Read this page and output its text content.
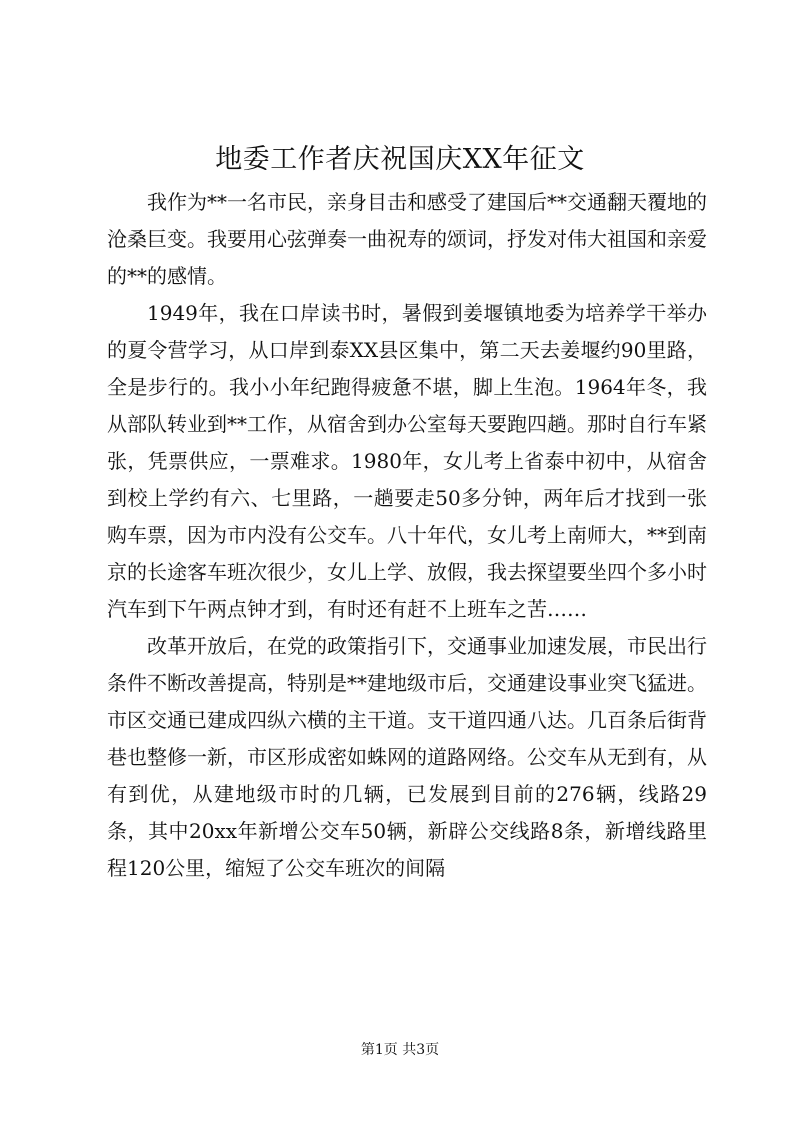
地委工作者庆祝国庆XX年征文

我作为**一名市民，亲身目击和感受了建国后**交通翻天覆地的沧桑巨变。我要用心弦弹奏一曲祝寿的颂词，抒发对伟大祖国和亲爱的**的感情。

1949年，我在口岸读书时，暑假到姜堰镇地委为培养学干举办的夏令营学习，从口岸到泰XX县区集中，第二天去姜堰约90里路，全是步行的。我小小年纪跑得疲惫不堪，脚上生泡。1964年冬，我从部队转业到**工作，从宿舍到办公室每天要跑四趟。那时自行车紧张，凭票供应，一票难求。1980年，女儿考上省泰中初中，从宿舍到校上学约有六、七里路，一趟要走50多分钟，两年后才找到一张购车票，因为市内没有公交车。八十年代，女儿考上南师大，**到南京的长途客车班次很少，女儿上学、放假，我去探望要坐四个多小时汽车到下午两点钟才到，有时还有赶不上班车之苦……

改革开放后，在党的政策指引下，交通事业加速发展，市民出行条件不断改善提高，特别是**建地级市后，交通建设事业突飞猛进。市区交通已建成四纵六横的主干道。支干道四通八达。几百条后街背巷也整修一新，市区形成密如蛛网的道路网络。公交车从无到有，从有到优，从建地级市时的几辆，已发展到目前的276辆，线路29条，其中20xx年新增公交车50辆，新辟公交线路8条，新增线路里程120公里，缩短了公交车班次的间隔

第1页 共3页
